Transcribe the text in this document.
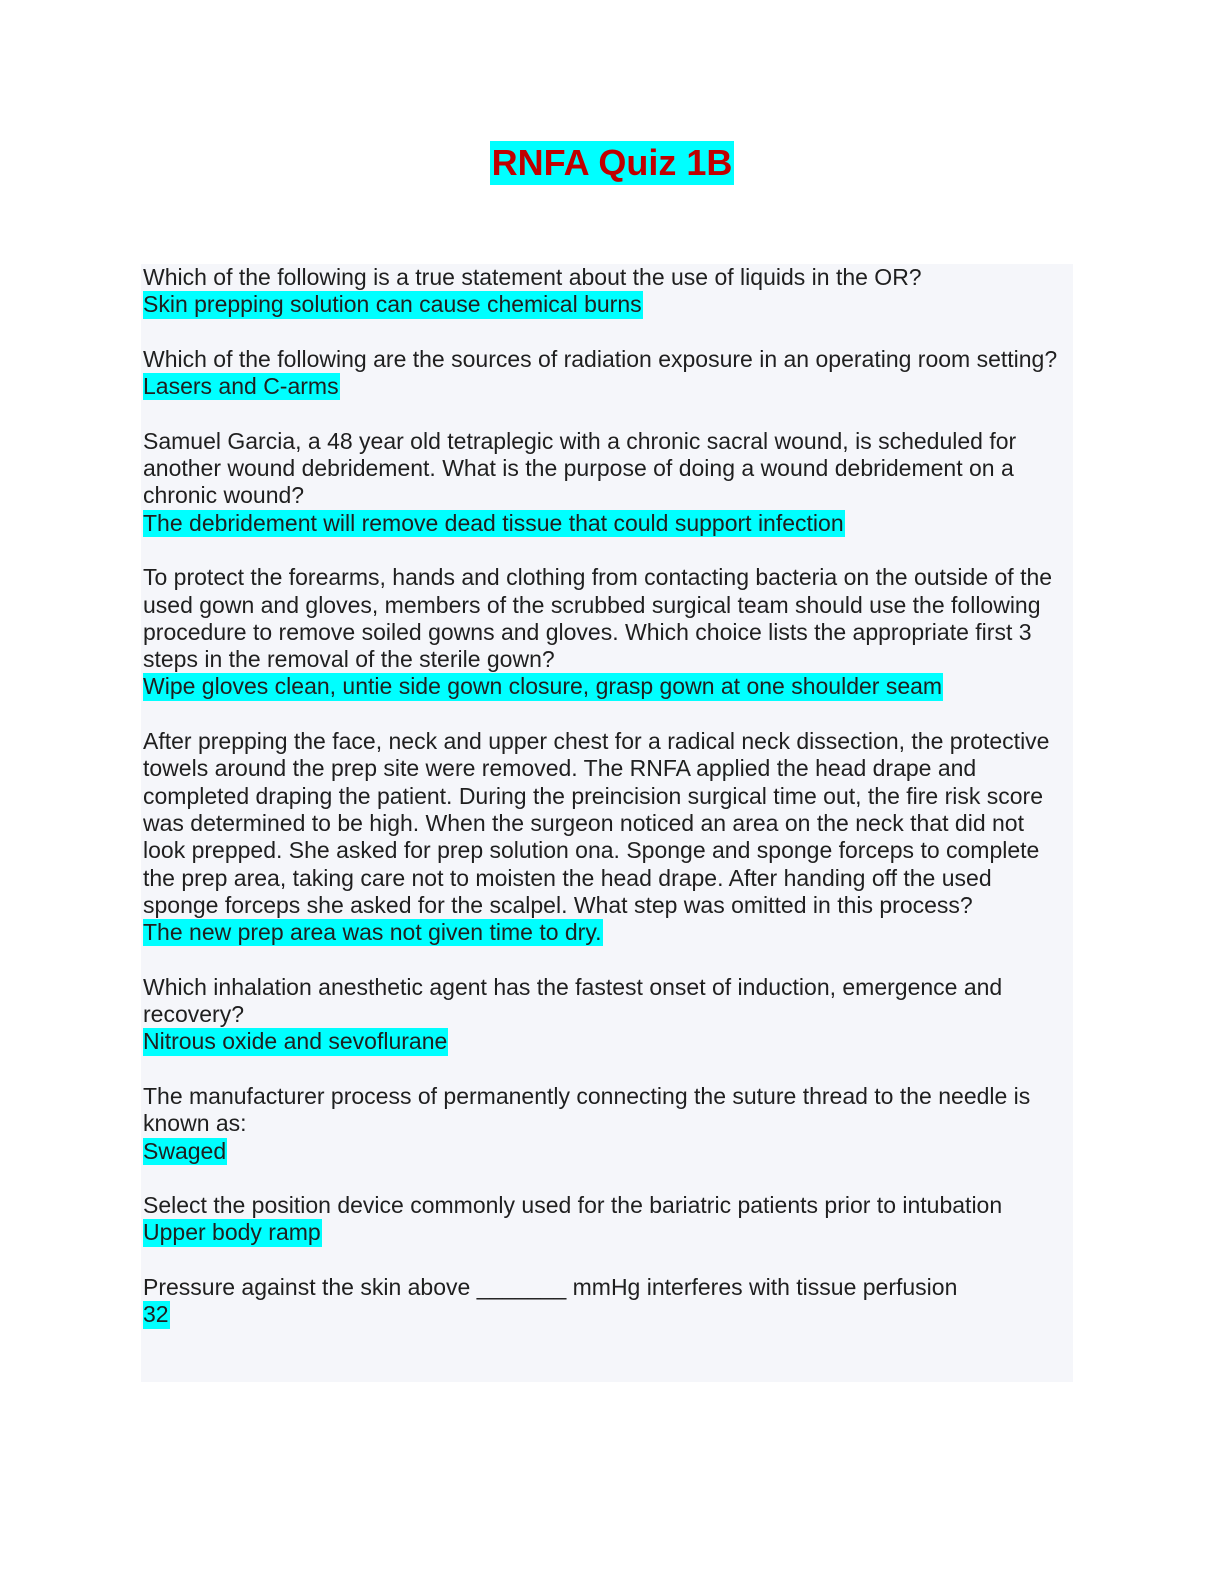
RNFA Quiz 1B
Which of the following is a true statement about the use of liquids in the OR?
Skin prepping solution can cause chemical burns
Which of the following are the sources of radiation exposure in an operating room setting?
Lasers and C-arms
Samuel Garcia, a 48 year old tetraplegic with a chronic sacral wound, is scheduled for another wound debridement. What is the purpose of doing a wound debridement on a chronic wound?
The debridement will remove dead tissue that could support infection
To protect the forearms, hands and clothing from contacting bacteria on the outside of the used gown and gloves, members of the scrubbed surgical team should use the following procedure to remove soiled gowns and gloves. Which choice lists the appropriate first 3 steps in the removal of the sterile gown?
Wipe gloves clean, untie side gown closure, grasp gown at one shoulder seam
After prepping the face, neck and upper chest for a radical neck dissection, the protective towels around the prep site were removed. The RNFA applied the head drape and completed draping the patient. During the preincision surgical time out, the fire risk score was determined to be high. When the surgeon noticed an area on the neck that did not look prepped. She asked for prep solution ona. Sponge and sponge forceps to complete the prep area, taking care not to moisten the head drape. After handing off the used sponge forceps she asked for the scalpel. What step was omitted in this process?
The new prep area was not given time to dry.
Which inhalation anesthetic agent has the fastest onset of induction, emergence and recovery?
Nitrous oxide and sevoflurane
The manufacturer process of permanently connecting the suture thread to the needle is known as:
Swaged
Select the position device commonly used for the bariatric patients prior to intubation
Upper body ramp
Pressure against the skin above _______ mmHg interferes with tissue perfusion
32
